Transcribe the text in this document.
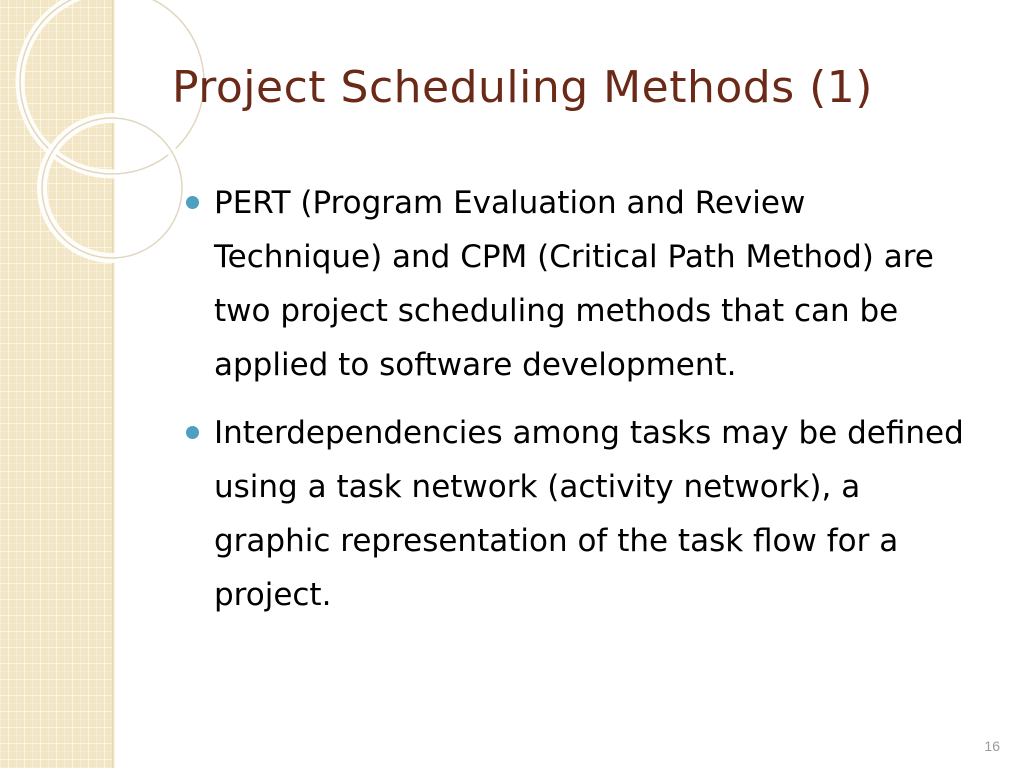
Project Scheduling Methods (1)
PERT (Program Evaluation and Review Technique) and CPM (Critical Path Method) are two project scheduling methods that can be applied to software development.
Interdependencies among tasks may be defined using a task network (activity network), a graphic representation of the task flow for a project.
16
